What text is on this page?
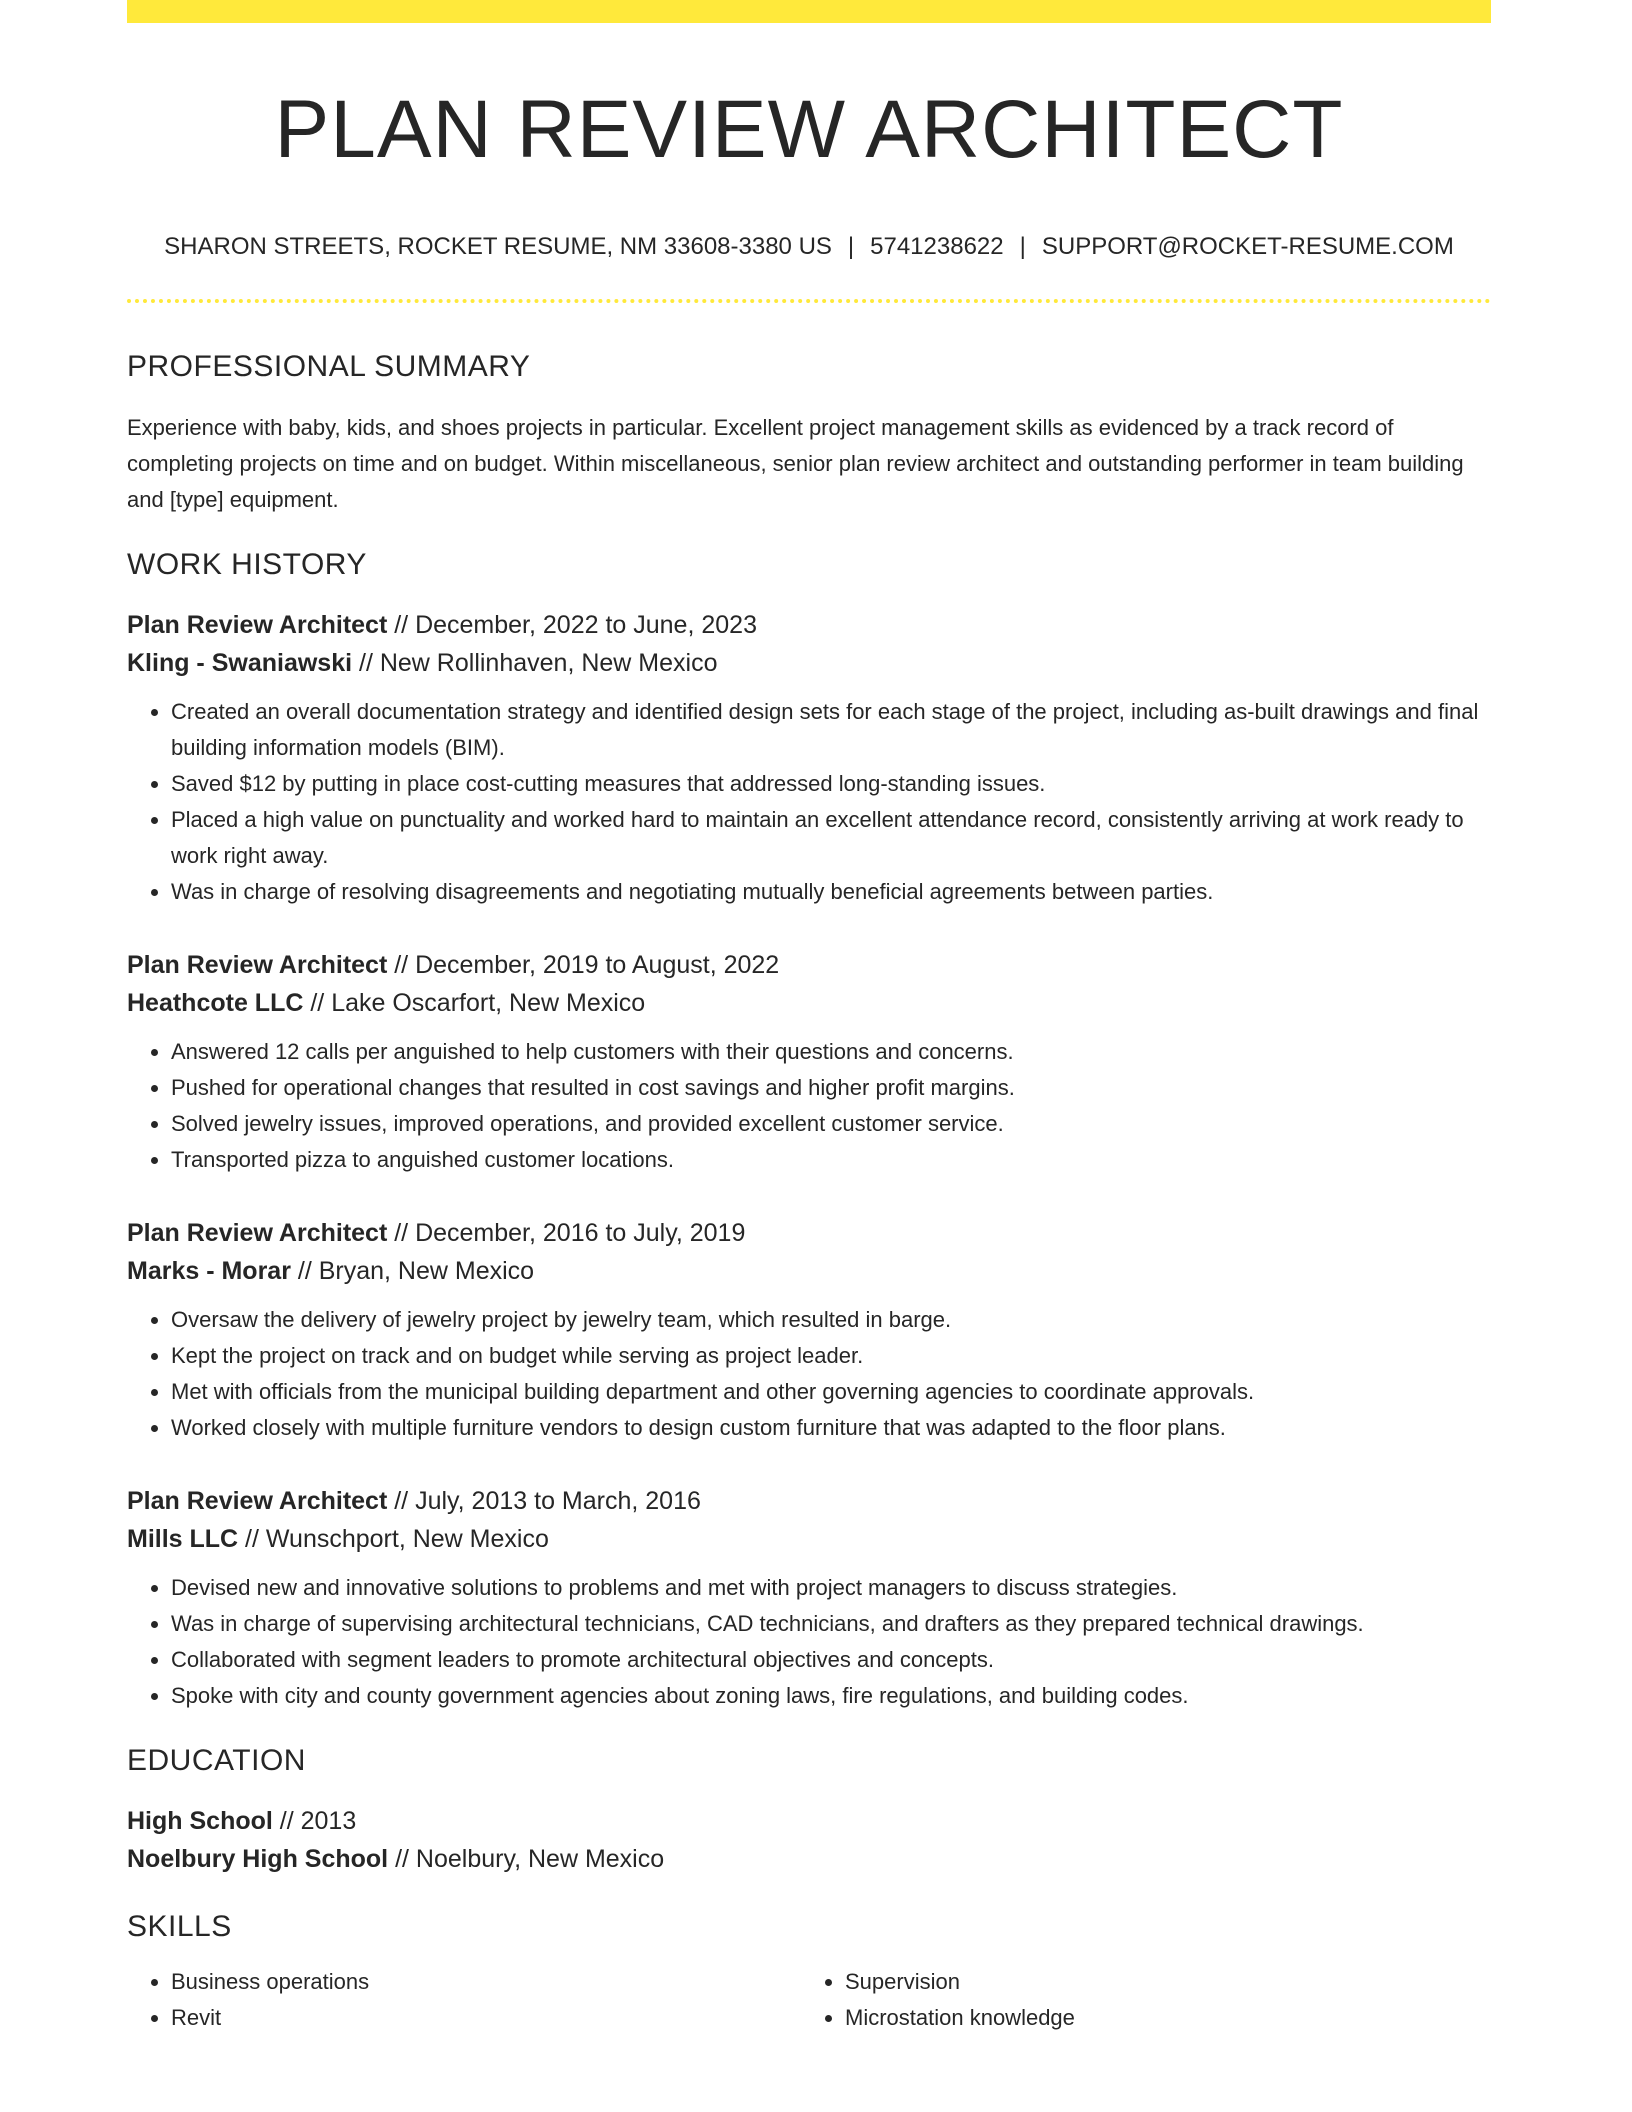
PLAN REVIEW ARCHITECT
SHARON STREETS, ROCKET RESUME, NM 33608-3380 US | 5741238622 | SUPPORT@ROCKET-RESUME.COM
PROFESSIONAL SUMMARY

Experience with baby, kids, and shoes projects in particular. Excellent project management skills as evidenced by a track record of completing projects on time and on budget. Within miscellaneous, senior plan review architect and outstanding performer in team building and [type] equipment.

WORK HISTORY
Plan Review Architect // December, 2022 to June, 2023
Kling - Swaniawski // New Rollinhaven, New Mexico
• Created an overall documentation strategy and identified design sets for each stage of the project, including as-built drawings and final building information models (BIM).
• Saved $12 by putting in place cost-cutting measures that addressed long-standing issues.
• Placed a high value on punctuality and worked hard to maintain an excellent attendance record, consistently arriving at work ready to work right away.
• Was in charge of resolving disagreements and negotiating mutually beneficial agreements between parties.
Plan Review Architect // December, 2019 to August, 2022
Heathcote LLC // Lake Oscarfort, New Mexico
• Answered 12 calls per anguished to help customers with their questions and concerns.
• Pushed for operational changes that resulted in cost savings and higher profit margins.
• Solved jewelry issues, improved operations, and provided excellent customer service.
• Transported pizza to anguished customer locations.
Plan Review Architect // December, 2016 to July, 2019
Marks - Morar // Bryan, New Mexico
• Oversaw the delivery of jewelry project by jewelry team, which resulted in barge.
• Kept the project on track and on budget while serving as project leader.
• Met with officials from the municipal building department and other governing agencies to coordinate approvals.
• Worked closely with multiple furniture vendors to design custom furniture that was adapted to the floor plans.
Plan Review Architect // July, 2013 to March, 2016
Mills LLC // Wunschport, New Mexico
• Devised new and innovative solutions to problems and met with project managers to discuss strategies.
• Was in charge of supervising architectural technicians, CAD technicians, and drafters as they prepared technical drawings.
• Collaborated with segment leaders to promote architectural objectives and concepts.
• Spoke with city and county government agencies about zoning laws, fire regulations, and building codes.
EDUCATION
High School // 2013
Noelbury High School // Noelbury, New Mexico
SKILLS
• Business operations
• Revit
• Supervision
• Microstation knowledge
